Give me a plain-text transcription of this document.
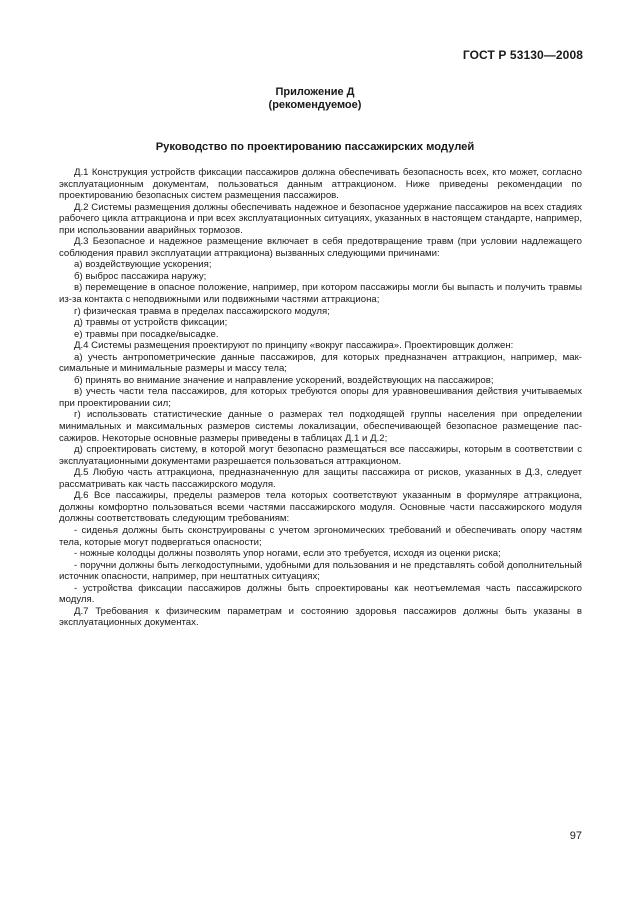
ГОСТ Р 53130—2008
Приложение Д
(рекомендуемое)
Руководство по проектированию пассажирских модулей

Д.1 Конструкция устройств фиксации пассажиров должна обеспечивать безопасность всех, кто может, согласно эксплуатационным документам, пользоваться данным аттракционом. Ниже приведены рекомендации по проектированию безопасных систем размещения пассажиров.

Д.2 Системы размещения должны обеспечивать надежное и безопасное удержание пассажиров на всех стадиях рабочего цикла аттракциона и при всех эксплуатационных ситуациях, указанных в настоящем стандарте, например, при использовании аварийных тормозов.

Д.3 Безопасное и надежное размещение включает в себя предотвращение травм (при условии надлежащего соблюдения правил эксплуатации аттракциона) вызванных следующими причинами:

а) воздействующие ускорения;

б) выброс пассажира наружу;

в) перемещение в опасное положение, например, при котором пассажиры могли бы выпасть и получить травмы из-за контакта с неподвижными или подвижными частями аттракциона;

г) физическая травма в пределах пассажирского модуля;

д) травмы от устройств фиксации;

е) травмы при посадке/высадке.

Д.4 Системы размещения проектируют по принципу «вокруг пассажира». Проектировщик должен:

а) учесть антропометрические данные пассажиров, для которых предназначен аттракцион, например, максимальные и минимальные размеры и массу тела;

б) принять во внимание значение и направление ускорений, воздействующих на пассажиров;

в) учесть части тела пассажиров, для которых требуются опоры для уравновешивания действия учитываемых при проектировании сил;

г) использовать статистические данные о размерах тел подходящей группы населения при определении минимальных и максимальных размеров системы локализации, обеспечивающей безопасное размещение пассажиров. Некоторые основные размеры приведены в таблицах Д.1 и Д.2;

д) спроектировать систему, в которой могут безопасно размещаться все пассажиры, которым в соответствии с эксплуатационными документами разрешается пользоваться аттракционом.

Д.5 Любую часть аттракциона, предназначенную для защиты пассажира от рисков, указанных в Д.3, следует рассматривать как часть пассажирского модуля.

Д.6 Все пассажиры, пределы размеров тела которых соответствуют указанным в формуляре аттракциона, должны комфортно пользоваться всеми частями пассажирского модуля. Основные части пассажирского модуля должны соответствовать следующим требованиям:

- сиденья должны быть сконструированы с учетом эргономических требований и обеспечивать опору частям тела, которые могут подвергаться опасности;

- ножные колодцы должны позволять упор ногами, если это требуется, исходя из оценки риска;

- поручни должны быть легкодоступными, удобными для пользования и не представлять собой дополнительный источник опасности, например, при нештатных ситуациях;

- устройства фиксации пассажиров должны быть спроектированы как неотъемлемая часть пассажирского модуля.

Д.7 Требования к физическим параметрам и состоянию здоровья пассажиров должны быть указаны в эксплуатационных документах.

97
